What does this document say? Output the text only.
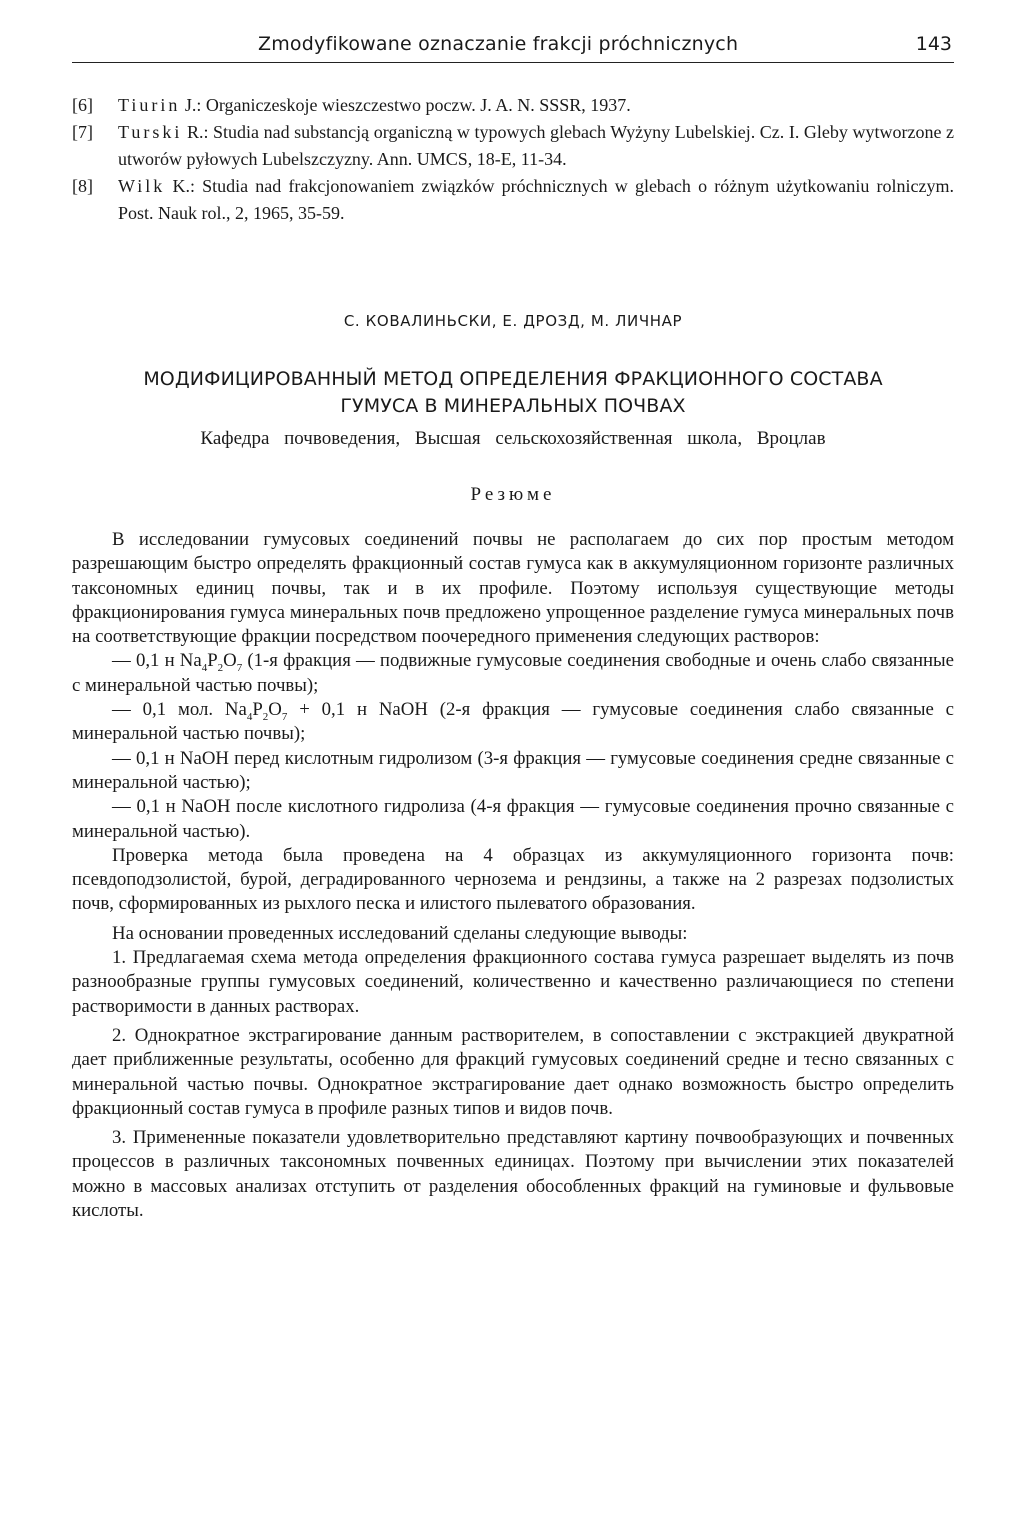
Zmodyfikowane oznaczanie frakcji próchnicznych	143

[6] Tiurin J.: Organiczeskoje wieszczestwo poczw. J. A. N. SSSR, 1937.

[7] Turski R.: Studia nad substancją organiczną w typowych glebach Wyżyny Lubelskiej. Cz. I. Gleby wytworzone z utworów pyłowych Lubelszczyzny. Ann. UMCS, 18-E, 11-34.

[8] Wilk K.: Studia nad frakcjonowaniem związków próchnicznych w glebach o różnym użytkowaniu rolniczym. Post. Nauk rol., 2, 1965, 35-59.

С. КОВАЛИНЬСКИ, Е. ДРОЗД, М. ЛИЧНАР
МОДИФИЦИРОВАННЫЙ МЕТОД ОПРЕДЕЛЕНИЯ ФРАКЦИОННОГО СОСТАВА
ГУМУСА В МИНЕРАЛЬНЫХ ПОЧВАХ
Кафедра почвоведения, Высшая сельскохозяйственная школа, Вроцлав
Резюме

В исследовании гумусовых соединений почвы не располагаем до сих пор простым методом разрешающим быстро определять фракционный состав гумуса как в аккумуляционном горизонте различных таксономных единиц почвы, так и в их профиле. Поэтому используя существующие методы фракционирования гумуса минеральных почв предложено упрощенное разделение гумуса минеральных почв на соответствующие фракции посредством поочередного применения следующих растворов:

— 0,1 н $Na_4P_2O_7$ (1-я фракция — подвижные гумусовые соединения свободные и очень слабо связанные с минеральной частью почвы);

— 0,1 мол. $Na_4P_2O_7 + 0,1$ н NaOH (2-я фракция — гумусовые соединения слабо связанные с минеральной частью почвы);

— 0,1 н NaOH перед кислотным гидролизом (3-я фракция — гумусовые соединения средне связанные с минеральной частью);

— 0,1 н NaOH после кислотного гидролиза (4-я фракция — гумусовые соединения прочно связанные с минеральной частью).

Проверка метода была проведена на 4 образцах из аккумуляционного горизонта почв: псевдоподзолистой, бурой, деградированного чернозема и рендзины, а также на 2 разрезах подзолистых почв, сформированных из рыхлого песка и илистого пылеватого образования.

На основании проведенных исследований сделаны следующие выводы:

1. Предлагаемая схема метода определения фракционного состава гумуса разрешает выделять из почв разнообразные группы гумусовых соединений, количественно и качественно различающиеся по степени растворимости в данных растворах.

2. Однократное экстрагирование данным растворителем, в сопоставлении с экстракцией двукратной дает приближенные результаты, особенно для фракций гумусовых соединений средне и тесно связанных с минеральной частью почвы. Однократное экстрагирование дает однако возможность быстро определить фракционный состав гумуса в профиле разных типов и видов почв.

3. Примененные показатели удовлетворительно представляют картину почвообразующих и почвенных процессов в различных таксономных почвенных единицах. Поэтому при вычислении этих показателей можно в массовых анализах отступить от разделения обособленных фракций на гуминовые и фульвовые кислоты.
